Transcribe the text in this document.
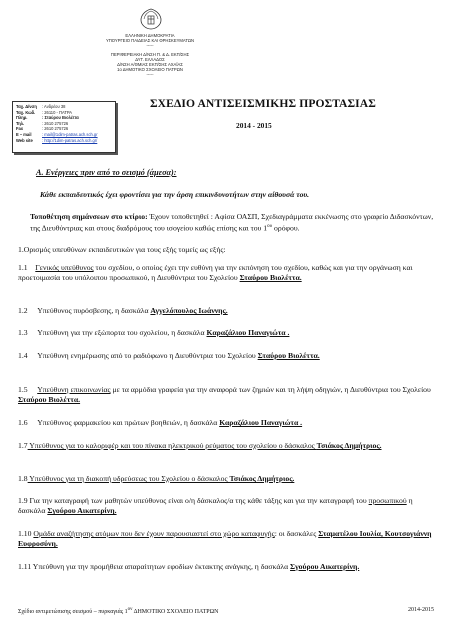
ΕΛΛΗΝΙΚΗ ΔΗΜΟΚΡΑΤΙΑ
ΥΠΟΥΡΓΕΙΟ ΠΑΙΔΕΙΑΣ ΚΑΙ ΘΡΗΣΚΕΥΜΑΤΩΝ
-----
ΠΕΡΙΦΕΡΕΙΑΚΗ Δ/ΝΣΗ Π. & Δ. ΕΚΠ/ΣΗΣ
ΔΥΤ. ΕΛΛΑΔΟΣ
Δ/ΝΣΗ Α/ΘΜΙΑΣ ΕΚΠ/ΣΗΣ ΑΧΑΪΑΣ
1ο ΔΗΜΟΤΙΚΟ ΣΧΟΛΕΙΟ ΠΑΤΡΩΝ
-----
Ταχ. Δ/νση	: Ανδρέου 38
Ταχ. Κωδ.	: 26110 - ΠΑΤΡΑ
Πληρ.	: Σταύρου Βιολέττα
Τηλ.	: 2610 275726
Fax	: 2610 275726
E – mail	: mail@1dim-patras.ach.sch.gr
Web site	: http://1dim-patras.ach.sch.gr/
ΣΧΕΔΙΟ ΑΝΤΙΣΕΙΣΜΙΚΗΣ ΠΡΟΣΤΑΣΙΑΣ
2014 - 2015
Α. Ενέργειες πριν από το σεισμό (άμεσα):
Κάθε εκπαιδευτικός έχει φροντίσει για την άρση επικινδυνοτήτων στην αίθουσά του.
Τοποθέτηση σημάνσεων στο κτίριο: Έχουν τοποθετηθεί : Αφίσα ΟΑΣΠ, Σχεδιαγράμματα εκκένωσης στο γραφείο Διδασκόντων, της Διευθύντριας και στους διαδρόμους του ισογείου καθώς επίσης και του $1^{o\upsilon}$ ορόφου.
1.Ορισμός υπευθύνων εκπαιδευτικών για τους εξής τομείς ως εξής:
1.1 Γενικός υπεύθυνος του σχεδίου, ο οποίος έχει την ευθύνη για την εκπόνηση του σχεδίου, καθώς και για την οργάνωση και προετοιμασία του υπόλοιπου προσωπικού, η Διευθύντρια του Σχολείου Σταύρου Βιολέττα.
1.2 Υπεύθυνος πυρόσβεσης, η δασκάλα Αγγελόπουλος Ιωάννης.
1.3 Υπεύθυνη για την εξώπορτα του σχολείου, η δασκάλα Καραζάλιου Παναγιώτα .
1.4 Υπεύθυνη ενημέρωσης από το ραδιόφωνο η Διευθύντρια του Σχολείου Σταύρου Βιολέττα.
1.5 Υπεύθυνη επικοινωνίας με τα αρμόδια γραφεία για την αναφορά των ζημιών και τη λήψη οδηγιών, η Διευθύντρια του Σχολείου Σταύρου Βιολέττα.
1.6 Υπεύθυνος φαρμακείου και πρώτων βοηθειών, η δασκάλα Καραζάλιου Παναγιώτα .
1.7 Υπεύθυνος για το καλοριφέρ και του πίνακα ηλεκτρικού ρεύματος του σχολείου ο δάσκαλος Τσιάκος Δημήτριος.
1.8 Υπεύθυνος για τη διακοπή υδρεύσεως του Σχολείου ο δάσκαλος Τσιάκος Δημήτριος.
1.9 Για την καταγραφή των μαθητών υπεύθυνος είναι ο/η δάσκαλος/α της κάθε τάξης και για την καταγραφή του προσωπικού η δασκάλα Σγούρου Αικατερίνη.
1.10 Ομάδα αναζήτησης ατόμων που δεν έχουν παρουσιαστεί στο χώρο καταφυγής: οι δασκάλες Σταματέλου Ιουλία, Κουτσογιάννη Ευφροσύνη.
1.11 Υπεύθυνη για την προμήθεια απαραίτητων εφοδίων έκτακτης ανάγκης, η δασκάλα Σγούρου Αικατερίνη.
Σχέδιο αντιμετώπισης σεισμού – πυρκαγιάς $1^{o\nu}$ ΔΗΜΟΤΙΚΟ ΣΧΟΛΕΙΟ ΠΑΤΡΩΝ	2014-2015
